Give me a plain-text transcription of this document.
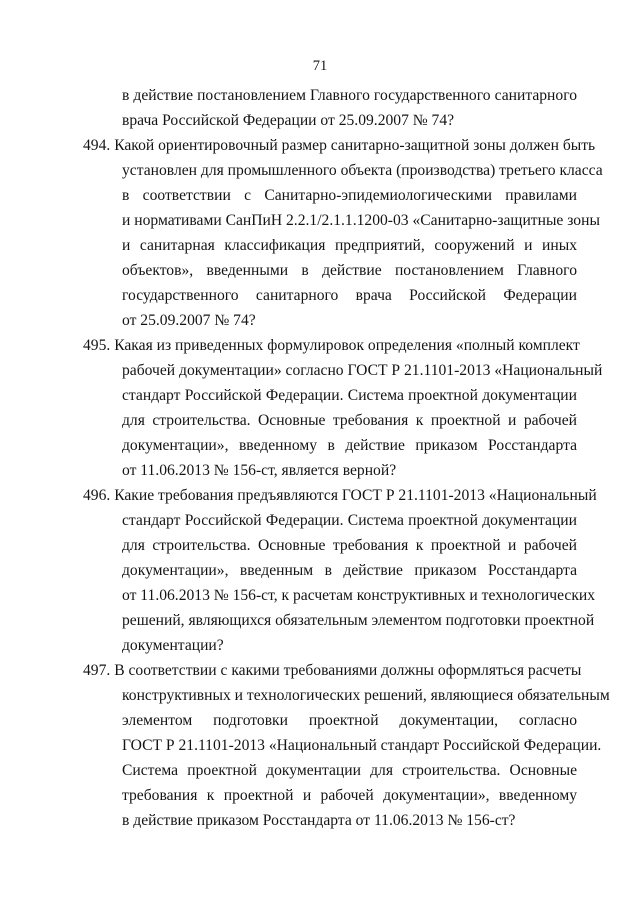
71
в действие постановлением Главного государственного санитарного
врача Российской Федерации от 25.09.2007 № 74?
494. Какой ориентировочный размер санитарно-защитной зоны должен быть
установлен для промышленного объекта (производства) третьего класса
в соответствии с Санитарно-эпидемиологическими правилами
и нормативами СанПиН 2.2.1/2.1.1.1200-03 «Санитарно-защитные зоны
и санитарная классификация предприятий, сооружений и иных
объектов», введенными в действие постановлением Главного
государственного санитарного врача Российской Федерации
от 25.09.2007 № 74?
495. Какая из приведенных формулировок определения «полный комплект
рабочей документации» согласно ГОСТ Р 21.1101-2013 «Национальный
стандарт Российской Федерации. Система проектной документации
для строительства. Основные требования к проектной и рабочей
документации», введенному в действие приказом Росстандарта
от 11.06.2013 № 156-ст, является верной?
496. Какие требования предъявляются ГОСТ Р 21.1101-2013 «Национальный
стандарт Российской Федерации. Система проектной документации
для строительства. Основные требования к проектной и рабочей
документации», введенным в действие приказом Росстандарта
от 11.06.2013 № 156-ст, к расчетам конструктивных и технологических
решений, являющихся обязательным элементом подготовки проектной
документации?
497. В соответствии с какими требованиями должны оформляться расчеты
конструктивных и технологических решений, являющиеся обязательным
элементом подготовки проектной документации, согласно
ГОСТ Р 21.1101-2013 «Национальный стандарт Российской Федерации.
Система проектной документации для строительства. Основные
требования к проектной и рабочей документации», введенному
в действие приказом Росстандарта от 11.06.2013 № 156-ст?
